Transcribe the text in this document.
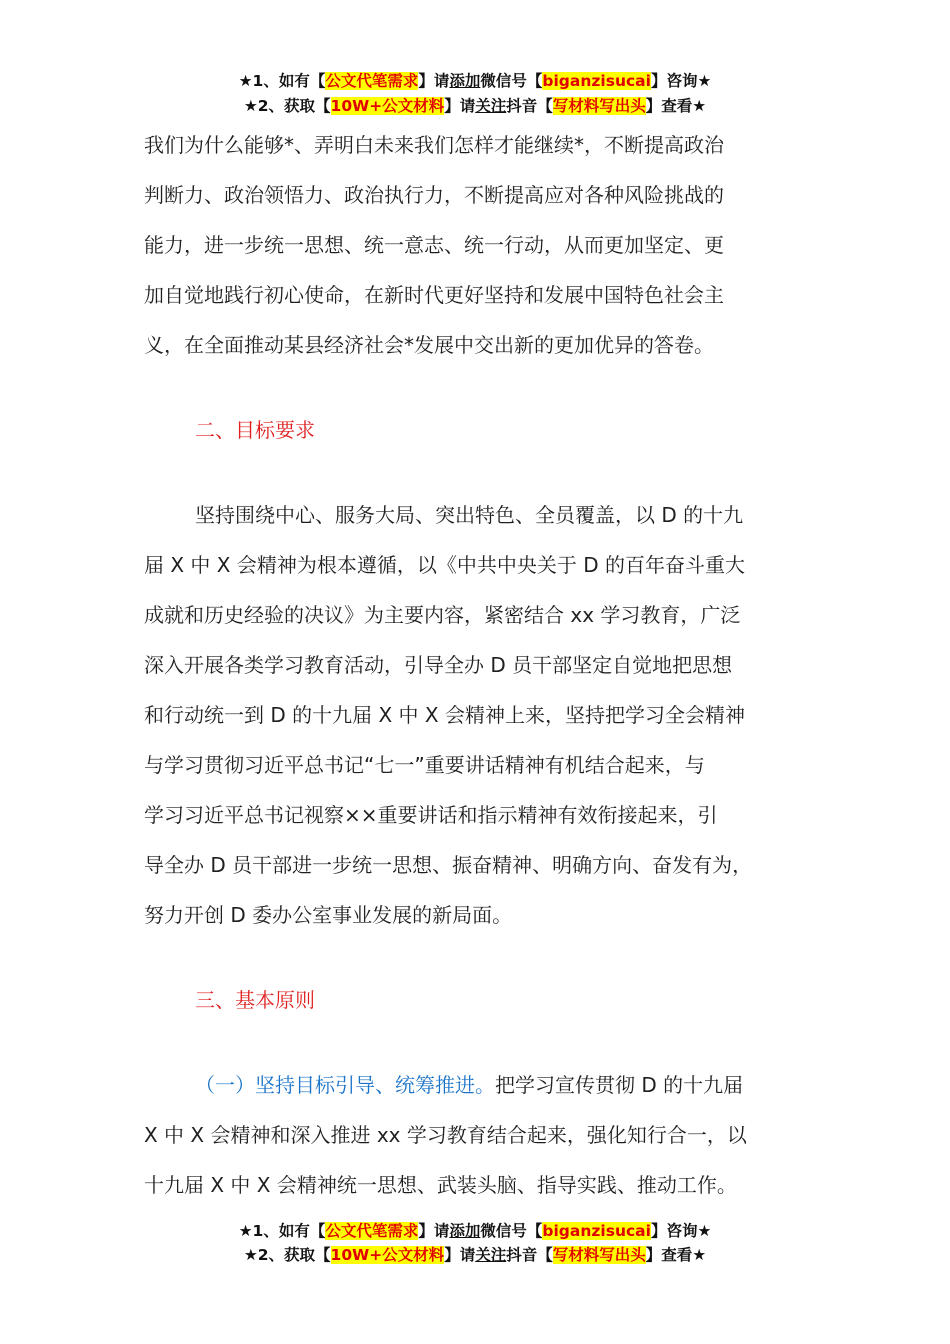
★1、如有【公文代笔需求】请添加微信号【biganzisucai】咨询★
★2、获取【10W+公文材料】请关注抖音【写材料写出头】查看★
我们为什么能够*、弄明白未来我们怎样才能继续*，不断提高政治
判断力、政治领悟力、政治执行力，不断提高应对各种风险挑战的
能力，进一步统一思想、统一意志、统一行动，从而更加坚定、更
加自觉地践行初心使命，在新时代更好坚持和发展中国特色社会主
义，在全面推动某县经济社会*发展中交出新的更加优异的答卷。
二、目标要求
坚持围绕中心、服务大局、突出特色、全员覆盖，以 D 的十九
届 X 中 X 会精神为根本遵循，以《中共中央关于 D 的百年奋斗重大
成就和历史经验的决议》为主要内容，紧密结合 xx 学习教育，广泛
深入开展各类学习教育活动，引导全办 D 员干部坚定自觉地把思想
和行动统一到 D 的十九届 X 中 X 会精神上来，坚持把学习全会精神
与学习贯彻习近平总书记“七一”重要讲话精神有机结合起来，与
学习习近平总书记视察××重要讲话和指示精神有效衔接起来，引
导全办 D 员干部进一步统一思想、振奋精神、明确方向、奋发有为，
努力开创 D 委办公室事业发展的新局面。
三、基本原则
（一）坚持目标引导、统筹推进。把学习宣传贯彻 D 的十九届
X 中 X 会精神和深入推进 xx 学习教育结合起来，强化知行合一，以
十九届 X 中 X 会精神统一思想、武装头脑、指导实践、推动工作。
★1、如有【公文代笔需求】请添加微信号【biganzisucai】咨询★
★2、获取【10W+公文材料】请关注抖音【写材料写出头】查看★
